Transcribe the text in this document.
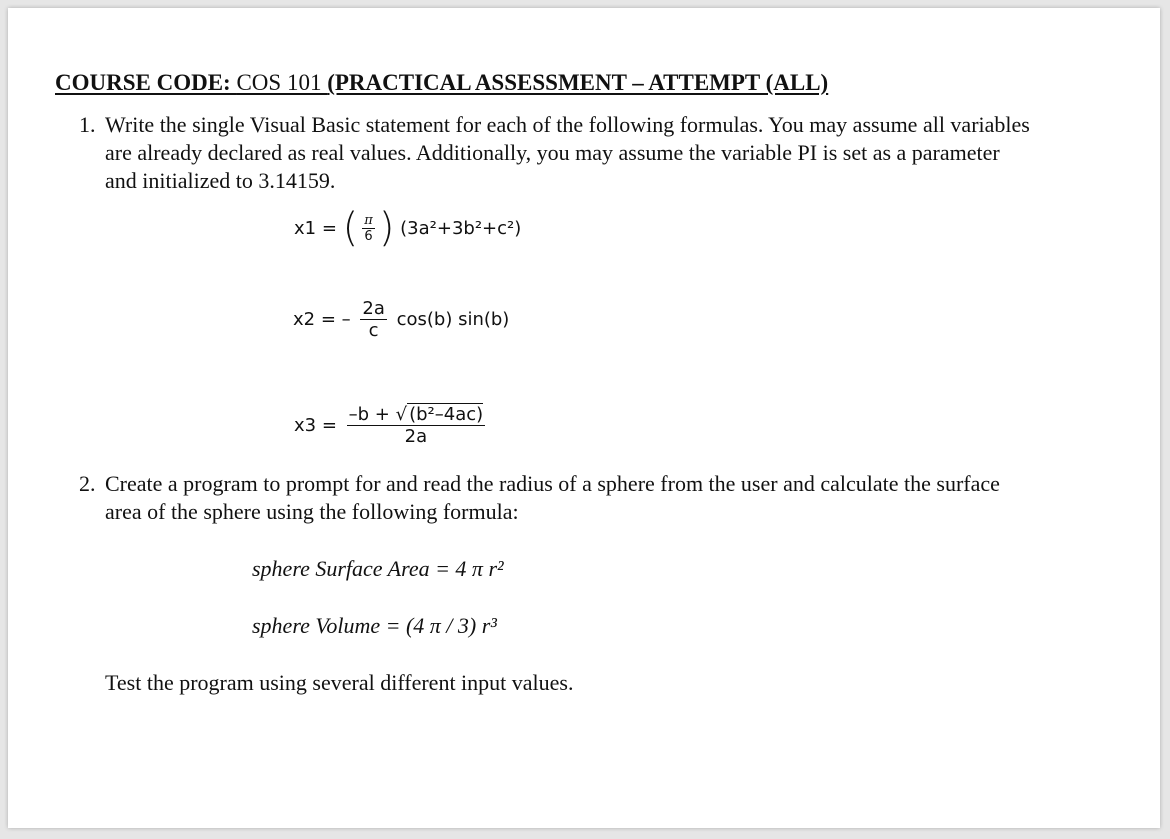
COURSE CODE: COS 101 (PRACTICAL ASSESSMENT – ATTEMPT (ALL)
1. Write the single Visual Basic statement for each of the following formulas. You may assume all variables are already declared as real values. Additionally, you may assume the variable PI is set as a parameter and initialized to 3.14159.
x1 = ( $\frac{\pi}{6}$ ) (3a²+3b²+c²)
x2 = – $\frac{2a}{c} \cos(b)$ sin(b)
$x3 = \frac{\text{–b + √ (b²–4ac)}}{2a}$
2. Create a program to prompt for and read the radius of a sphere from the user and calculate the surface area of the sphere using the following formula:
sphere Surface Area = 4 π r²
sphere Volume = (4 π / 3) r³
Test the program using several different input values.
